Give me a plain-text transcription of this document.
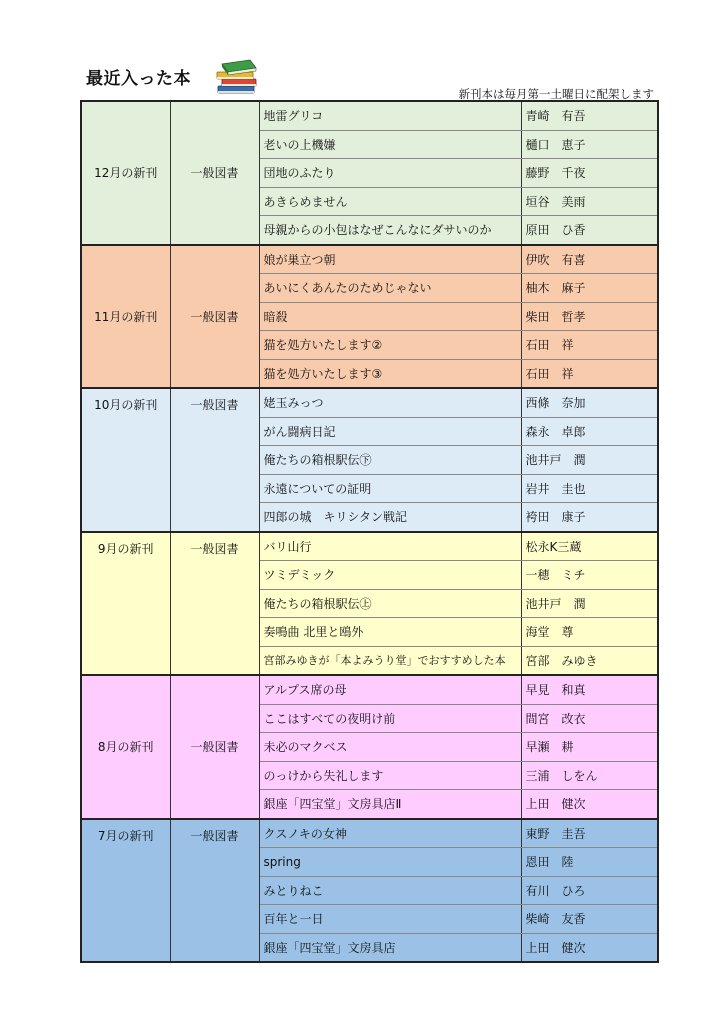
最近入った本
新刊本は毎月第一土曜日に配架します
12月の新刊	一般図書	地雷グリコ	青崎　有吾
		老いの上機嫌	樋口　恵子
		団地のふたり	藤野　千夜
		あきらめません	垣谷　美雨
		母親からの小包はなぜこんなにダサいのか	原田　ひ香
11月の新刊	一般図書	娘が巣立つ朝	伊吹　有喜
		あいにくあんたのためじゃない	柚木　麻子
		暗殺	柴田　哲孝
		猫を処方いたします②	石田　祥
		猫を処方いたします③	石田　祥
10月の新刊	一般図書	姥玉みっつ	西條　奈加
		がん闘病日記	森永　卓郎
		俺たちの箱根駅伝㊦	池井戸　潤
		永遠についての証明	岩井　圭也
		四郎の城　キリシタン戦記	袴田　康子
9月の新刊	一般図書	バリ山行	松永K三蔵
		ツミデミック	一穂　ミチ
		俺たちの箱根駅伝㊤	池井戸　潤
		奏鳴曲 北里と鴎外	海堂　尊
		宮部みゆきが「本よみうり堂」でおすすめした本	宮部　みゆき
8月の新刊	一般図書	アルプス席の母	早見　和真
		ここはすべての夜明け前	間宮　改衣
		未必のマクベス	早瀬　耕
		のっけから失礼します	三浦　しをん
		銀座「四宝堂」文房具店Ⅱ	上田　健次
7月の新刊	一般図書	クスノキの女神	東野　圭吾
		spring	恩田　陸
		みとりねこ	有川　ひろ
		百年と一日	柴崎　友香
		銀座「四宝堂」文房具店	上田　健次
